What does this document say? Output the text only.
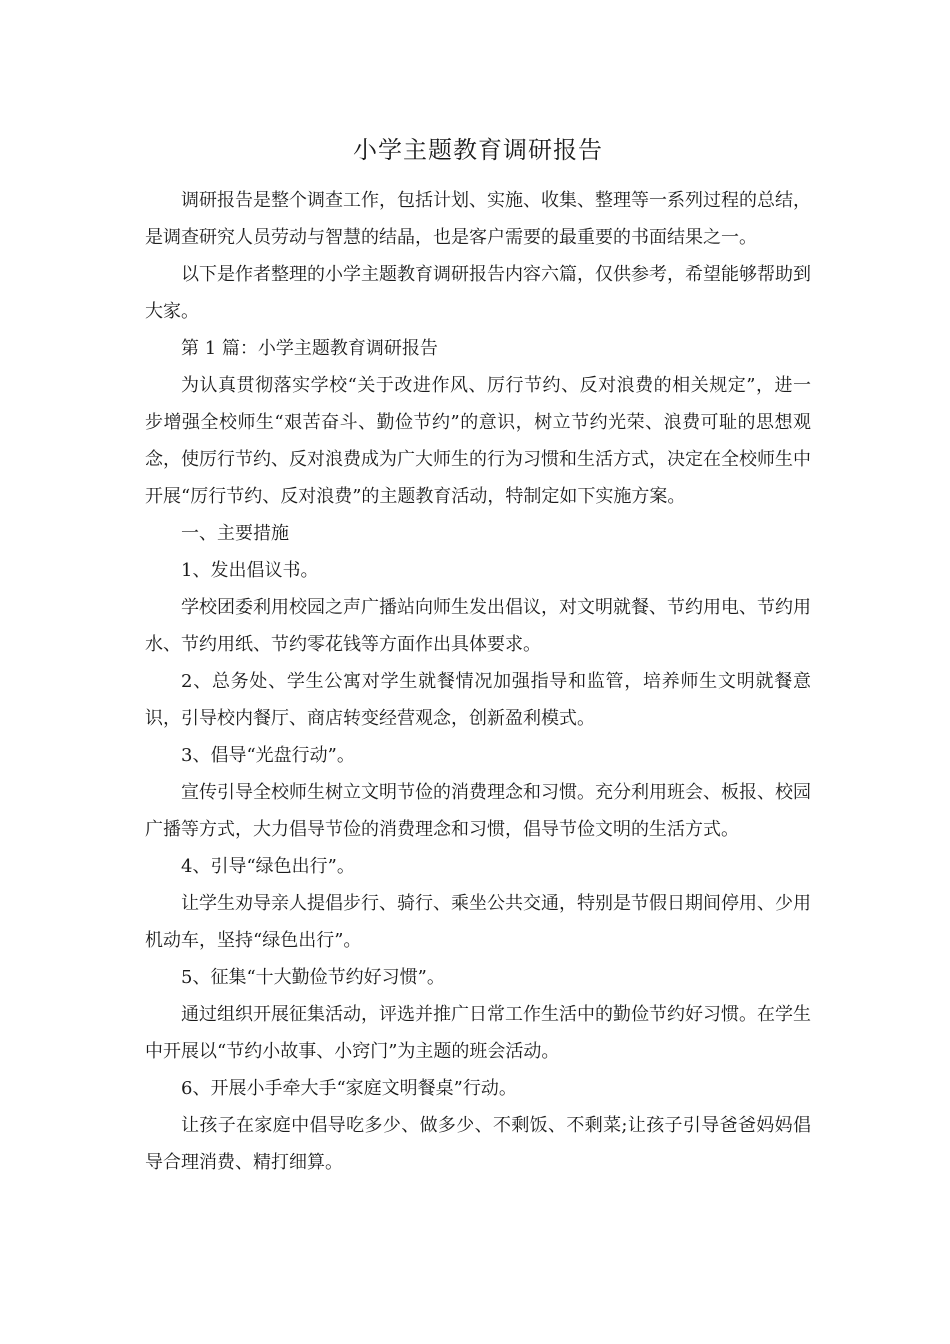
小学主题教育调研报告

调研报告是整个调查工作，包括计划、实施、收集、整理等一系列过程的总结，是调查研究人员劳动与智慧的结晶，也是客户需要的最重要的书面结果之一。

以下是作者整理的小学主题教育调研报告内容六篇，仅供参考，希望能够帮助到大家。

第 1 篇：小学主题教育调研报告

为认真贯彻落实学校“关于改进作风、厉行节约、反对浪费的相关规定”，进一步增强全校师生“艰苦奋斗、勤俭节约”的意识，树立节约光荣、浪费可耻的思想观念，使厉行节约、反对浪费成为广大师生的行为习惯和生活方式，决定在全校师生中开展“厉行节约、反对浪费”的主题教育活动，特制定如下实施方案。

一、主要措施

1、发出倡议书。

学校团委利用校园之声广播站向师生发出倡议，对文明就餐、节约用电、节约用水、节约用纸、节约零花钱等方面作出具体要求。

2、总务处、学生公寓对学生就餐情况加强指导和监管，培养师生文明就餐意识，引导校内餐厅、商店转变经营观念，创新盈利模式。

3、倡导“光盘行动”。

宣传引导全校师生树立文明节俭的消费理念和习惯。充分利用班会、板报、校园广播等方式，大力倡导节俭的消费理念和习惯，倡导节俭文明的生活方式。

4、引导“绿色出行”。

让学生劝导亲人提倡步行、骑行、乘坐公共交通，特别是节假日期间停用、少用机动车，坚持“绿色出行”。

5、征集“十大勤俭节约好习惯”。

通过组织开展征集活动，评选并推广日常工作生活中的勤俭节约好习惯。在学生中开展以“节约小故事、小窍门”为主题的班会活动。

6、开展小手牵大手“家庭文明餐桌”行动。

让孩子在家庭中倡导吃多少、做多少、不剩饭、不剩菜;让孩子引导爸爸妈妈倡导合理消费、精打细算。
